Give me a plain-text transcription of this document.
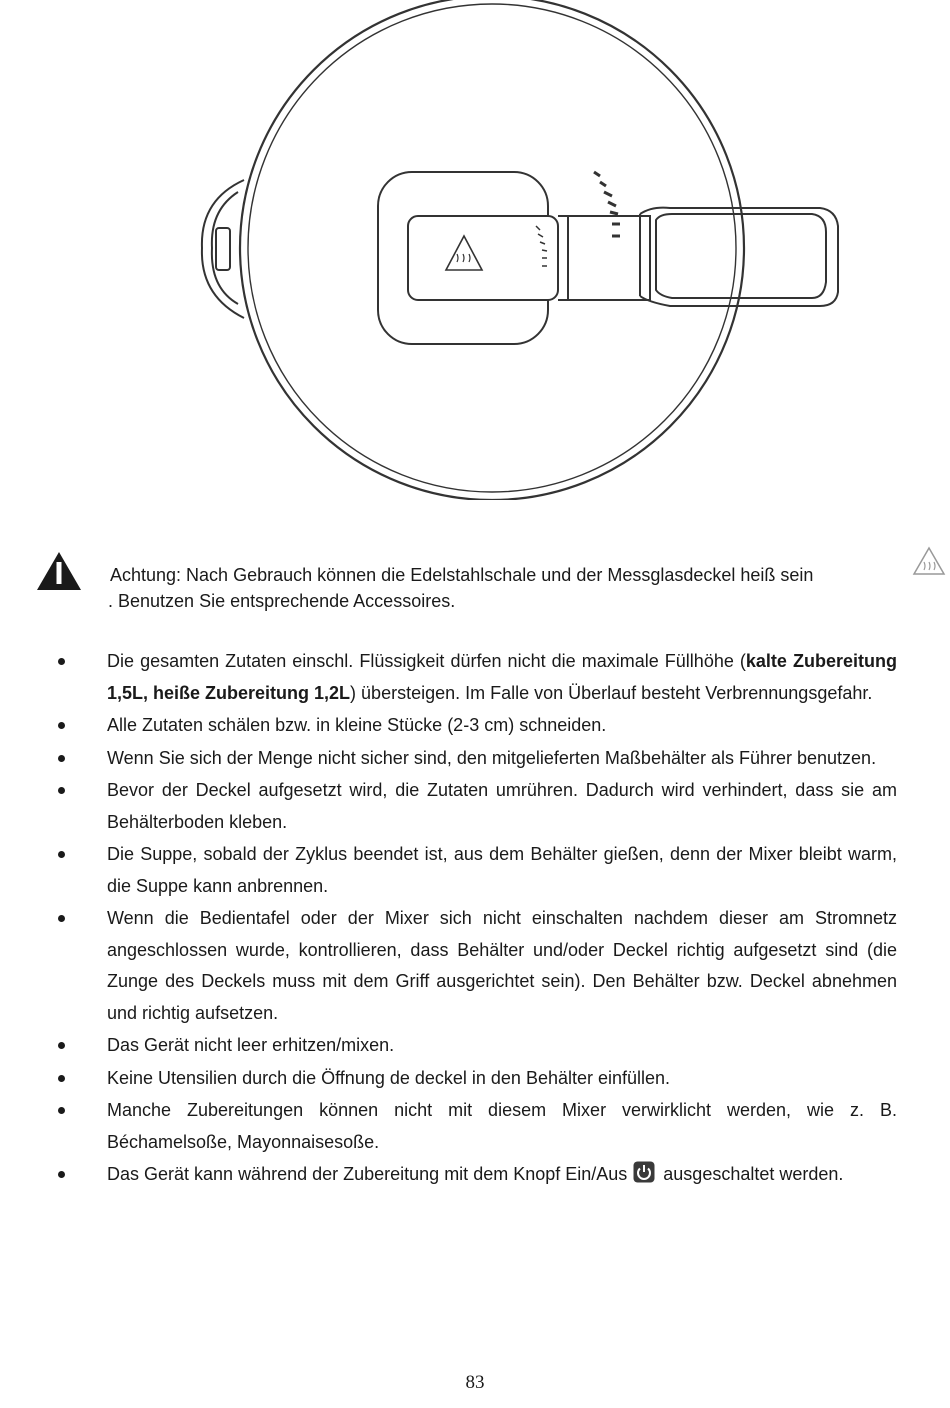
Achtung: Nach Gebrauch können die Edelstahlschale und der Messglasdeckel heiß sein
. Benutzen Sie entsprechende Accessoires.
Die gesamten Zutaten einschl. Flüssigkeit dürfen nicht die maximale Füllhöhe (kalte Zubereitung 1,5L, heiße Zubereitung 1,2L) übersteigen. Im Falle von Überlauf besteht Verbrennungsgefahr.
Alle Zutaten schälen bzw. in kleine Stücke (2-3 cm) schneiden.
Wenn Sie sich der Menge nicht sicher sind, den mitgelieferten Maßbehälter als Führer benutzen.
Bevor der Deckel aufgesetzt wird, die Zutaten umrühren. Dadurch wird verhindert, dass sie am Behälterboden kleben.
Die Suppe, sobald der Zyklus beendet ist, aus dem Behälter gießen, denn der Mixer bleibt warm, die Suppe kann anbrennen.
Wenn die Bedientafel oder der Mixer sich nicht einschalten nachdem dieser am Stromnetz angeschlossen wurde, kontrollieren, dass Behälter und/oder Deckel richtig aufgesetzt sind (die Zunge des Deckels muss mit dem Griff ausgerichtet sein). Den Behälter bzw. Deckel abnehmen und richtig aufsetzen.
Das Gerät nicht leer erhitzen/mixen.
Keine Utensilien durch die Öffnung de deckel in den Behälter einfüllen.
Manche Zubereitungen können nicht mit diesem Mixer verwirklicht werden, wie z. B. Béchamelsoße, Mayonnaisesoße.
Das Gerät kann während der Zubereitung mit dem Knopf Ein/Aus ausgeschaltet werden.
83
